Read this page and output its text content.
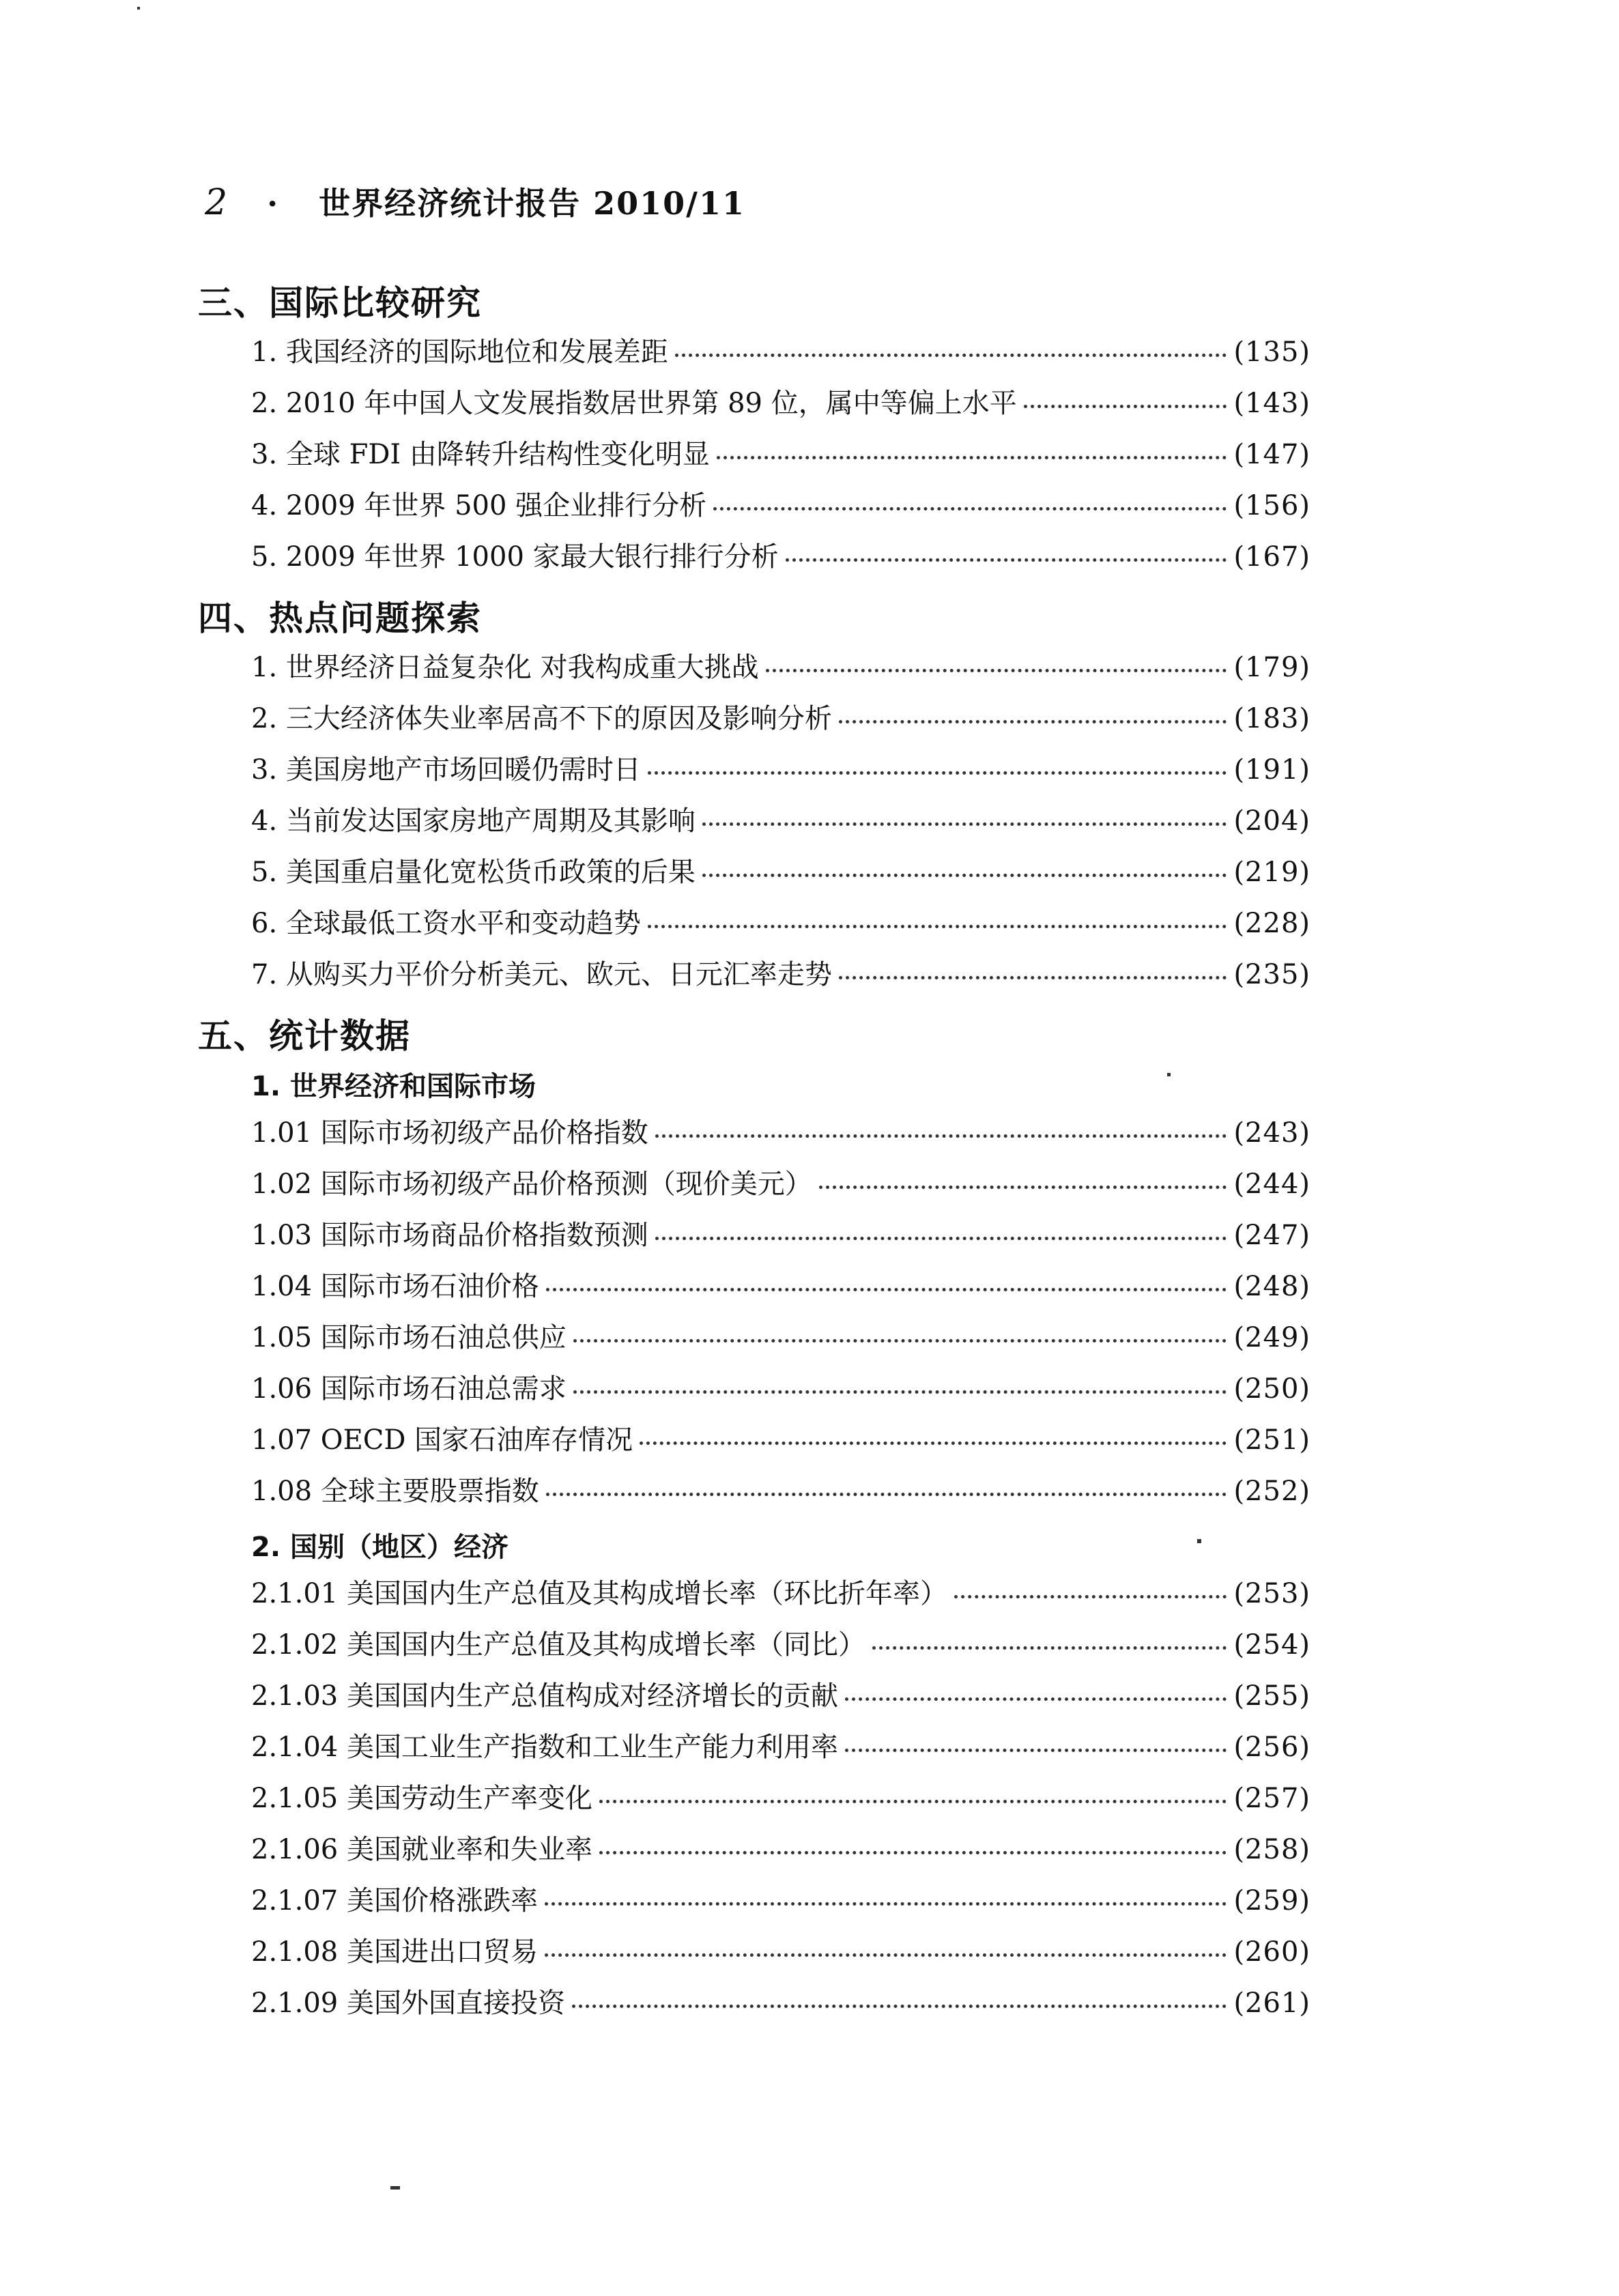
2 · 世界经济统计报告 2010/11
三、国际比较研究
1. 我国经济的国际地位和发展差距	(135)
2. 2010 年中国人文发展指数居世界第 89 位，属中等偏上水平	(143)
3. 全球 FDI 由降转升结构性变化明显	(147)
4. 2009 年世界 500 强企业排行分析	(156)
5. 2009 年世界 1000 家最大银行排行分析	(167)
四、热点问题探索
1. 世界经济日益复杂化 对我构成重大挑战	(179)
2. 三大经济体失业率居高不下的原因及影响分析	(183)
3. 美国房地产市场回暖仍需时日	(191)
4. 当前发达国家房地产周期及其影响	(204)
5. 美国重启量化宽松货币政策的后果	(219)
6. 全球最低工资水平和变动趋势	(228)
7. 从购买力平价分析美元、欧元、日元汇率走势	(235)
五、统计数据
1. 世界经济和国际市场
1.01 国际市场初级产品价格指数	(243)
1.02 国际市场初级产品价格预测（现价美元）	(244)
1.03 国际市场商品价格指数预测	(247)
1.04 国际市场石油价格	(248)
1.05 国际市场石油总供应	(249)
1.06 国际市场石油总需求	(250)
1.07 OECD 国家石油库存情况	(251)
1.08 全球主要股票指数	(252)
2. 国别（地区）经济
2.1.01 美国国内生产总值及其构成增长率（环比折年率）	(253)
2.1.02 美国国内生产总值及其构成增长率（同比）	(254)
2.1.03 美国国内生产总值构成对经济增长的贡献	(255)
2.1.04 美国工业生产指数和工业生产能力利用率	(256)
2.1.05 美国劳动生产率变化	(257)
2.1.06 美国就业率和失业率	(258)
2.1.07 美国价格涨跌率	(259)
2.1.08 美国进出口贸易	(260)
2.1.09 美国外国直接投资	(261)
